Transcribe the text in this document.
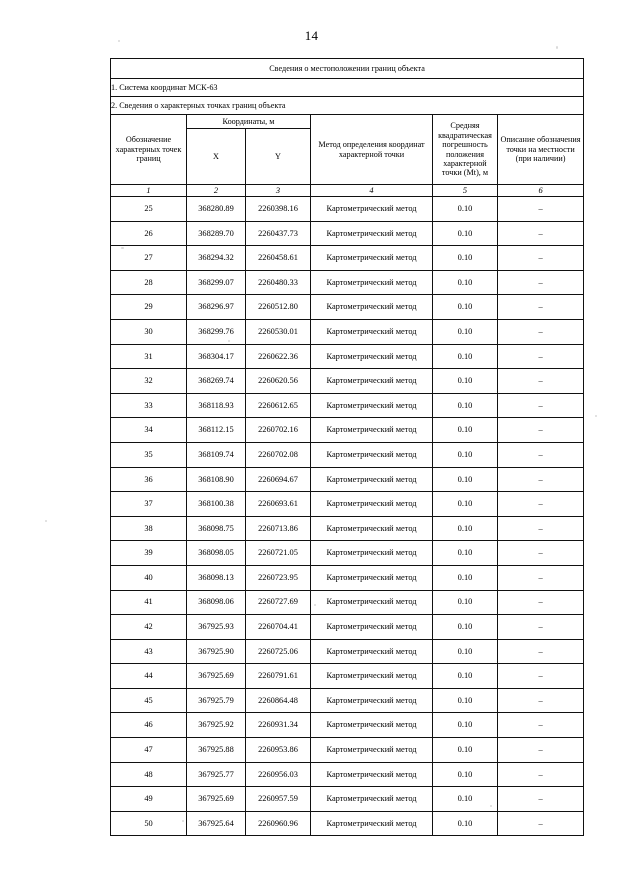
14
Сведения о местоположении границ объекта					
1. Система координат МСК-63					
2. Сведения о характерных точках границ объекта					
Обозначение характерных точек границ	Координаты, м		Метод определения координат характерной точки	Средняя квадратическая погрешность положения характерной точки (Mt), м	Описание обозначения точки на местности (при наличии)
	X	Y			
1	2	3	4	5	6
25	368280.89	2260398.16	Картометрический метод	0.10	–
26	368289.70	2260437.73	Картометрический метод	0.10	–
27	368294.32	2260458.61	Картометрический метод	0.10	–
28	368299.07	2260480.33	Картометрический метод	0.10	–
29	368296.97	2260512.80	Картометрический метод	0.10	–
30	368299.76	2260530.01	Картометрический метод	0.10	–
31	368304.17	2260622.36	Картометрический метод	0.10	–
32	368269.74	2260620.56	Картометрический метод	0.10	–
33	368118.93	2260612.65	Картометрический метод	0.10	–
34	368112.15	2260702.16	Картометрический метод	0.10	–
35	368109.74	2260702.08	Картометрический метод	0.10	–
36	368108.90	2260694.67	Картометрический метод	0.10	–
37	368100.38	2260693.61	Картометрический метод	0.10	–
38	368098.75	2260713.86	Картометрический метод	0.10	–
39	368098.05	2260721.05	Картометрический метод	0.10	–
40	368098.13	2260723.95	Картометрический метод	0.10	–
41	368098.06	2260727.69	Картометрический метод	0.10	–
42	367925.93	2260704.41	Картометрический метод	0.10	–
43	367925.90	2260725.06	Картометрический метод	0.10	–
44	367925.69	2260791.61	Картометрический метод	0.10	–
45	367925.79	2260864.48	Картометрический метод	0.10	–
46	367925.92	2260931.34	Картометрический метод	0.10	–
47	367925.88	2260953.86	Картометрический метод	0.10	–
48	367925.77	2260956.03	Картометрический метод	0.10	–
49	367925.69	2260957.59	Картометрический метод	0.10	–
50	367925.64	2260960.96	Картометрический метод	0.10	–
